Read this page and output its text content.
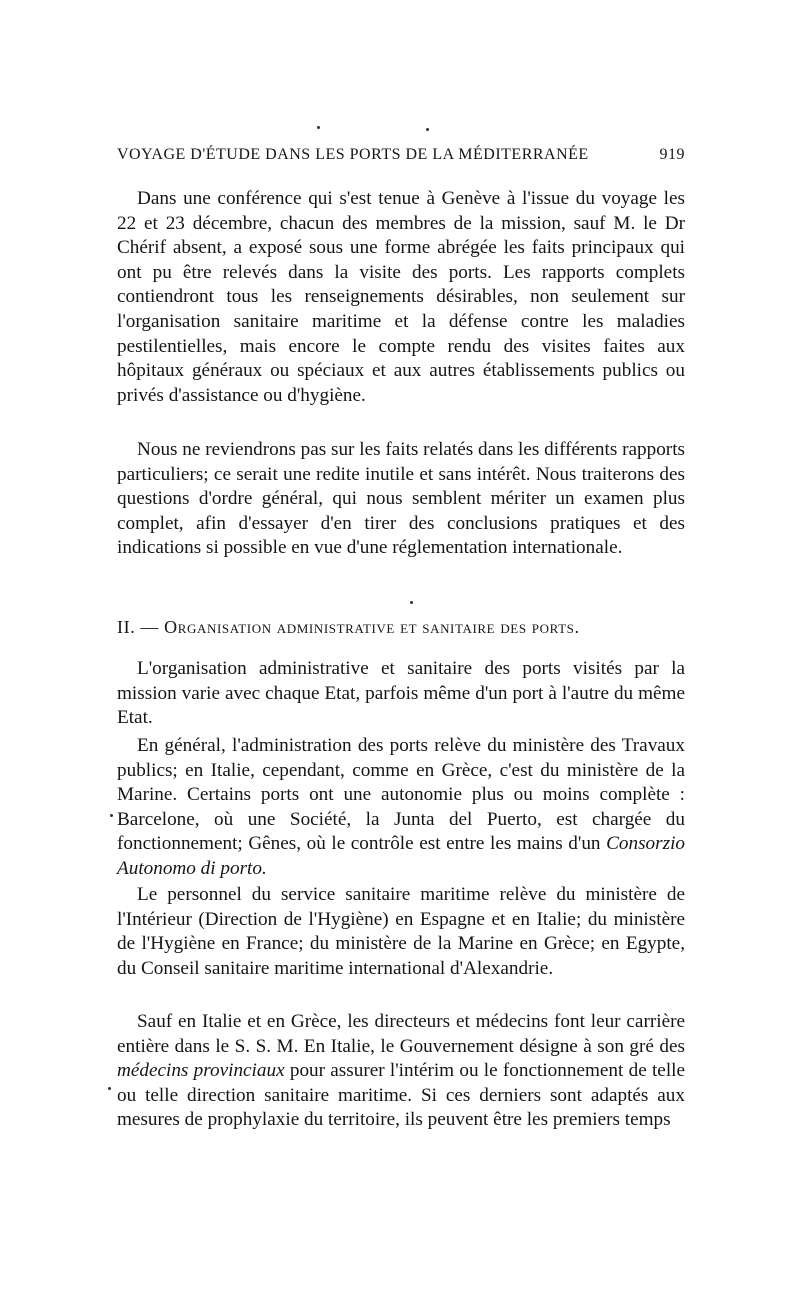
VOYAGE D'ÉTUDE DANS LES PORTS DE LA MÉDITERRANÉE	919

Dans une conférence qui s'est tenue à Genève à l'issue du voyage les 22 et 23 décembre, chacun des membres de la mission, sauf M. le Dr Chérif absent, a exposé sous une forme abrégée les faits principaux qui ont pu être relevés dans la visite des ports. Les rapports complets contiendront tous les renseignements désirables, non seulement sur l'organisation sanitaire maritime et la défense contre les maladies pestilentielles, mais encore le compte rendu des visites faites aux hôpitaux généraux ou spéciaux et aux autres établissements publics ou privés d'assistance ou d'hygiène.

Nous ne reviendrons pas sur les faits relatés dans les différents rapports particuliers; ce serait une redite inutile et sans intérêt. Nous traiterons des questions d'ordre général, qui nous semblent mériter un examen plus complet, afin d'essayer d'en tirer des conclusions pratiques et des indications si possible en vue d'une réglementation internationale.

II. — Organisation administrative et sanitaire des ports.

L'organisation administrative et sanitaire des ports visités par la mission varie avec chaque Etat, parfois même d'un port à l'autre du même Etat.

En général, l'administration des ports relève du ministère des Travaux publics; en Italie, cependant, comme en Grèce, c'est du ministère de la Marine. Certains ports ont une autonomie plus ou moins complète : Barcelone, où une Société, la Junta del Puerto, est chargée du fonctionnement; Gênes, où le contrôle est entre les mains d'un Consorzio Autonomo di porto.

Le personnel du service sanitaire maritime relève du ministère de l'Intérieur (Direction de l'Hygiène) en Espagne et en Italie; du ministère de l'Hygiène en France; du ministère de la Marine en Grèce; en Egypte, du Conseil sanitaire maritime international d'Alexandrie.

Sauf en Italie et en Grèce, les directeurs et médecins font leur carrière entière dans le S. S. M. En Italie, le Gouvernement désigne à son gré des médecins provinciaux pour assurer l'intérim ou le fonctionnement de telle ou telle direction sanitaire maritime. Si ces derniers sont adaptés aux mesures de prophylaxie du territoire, ils peuvent être les premiers temps
